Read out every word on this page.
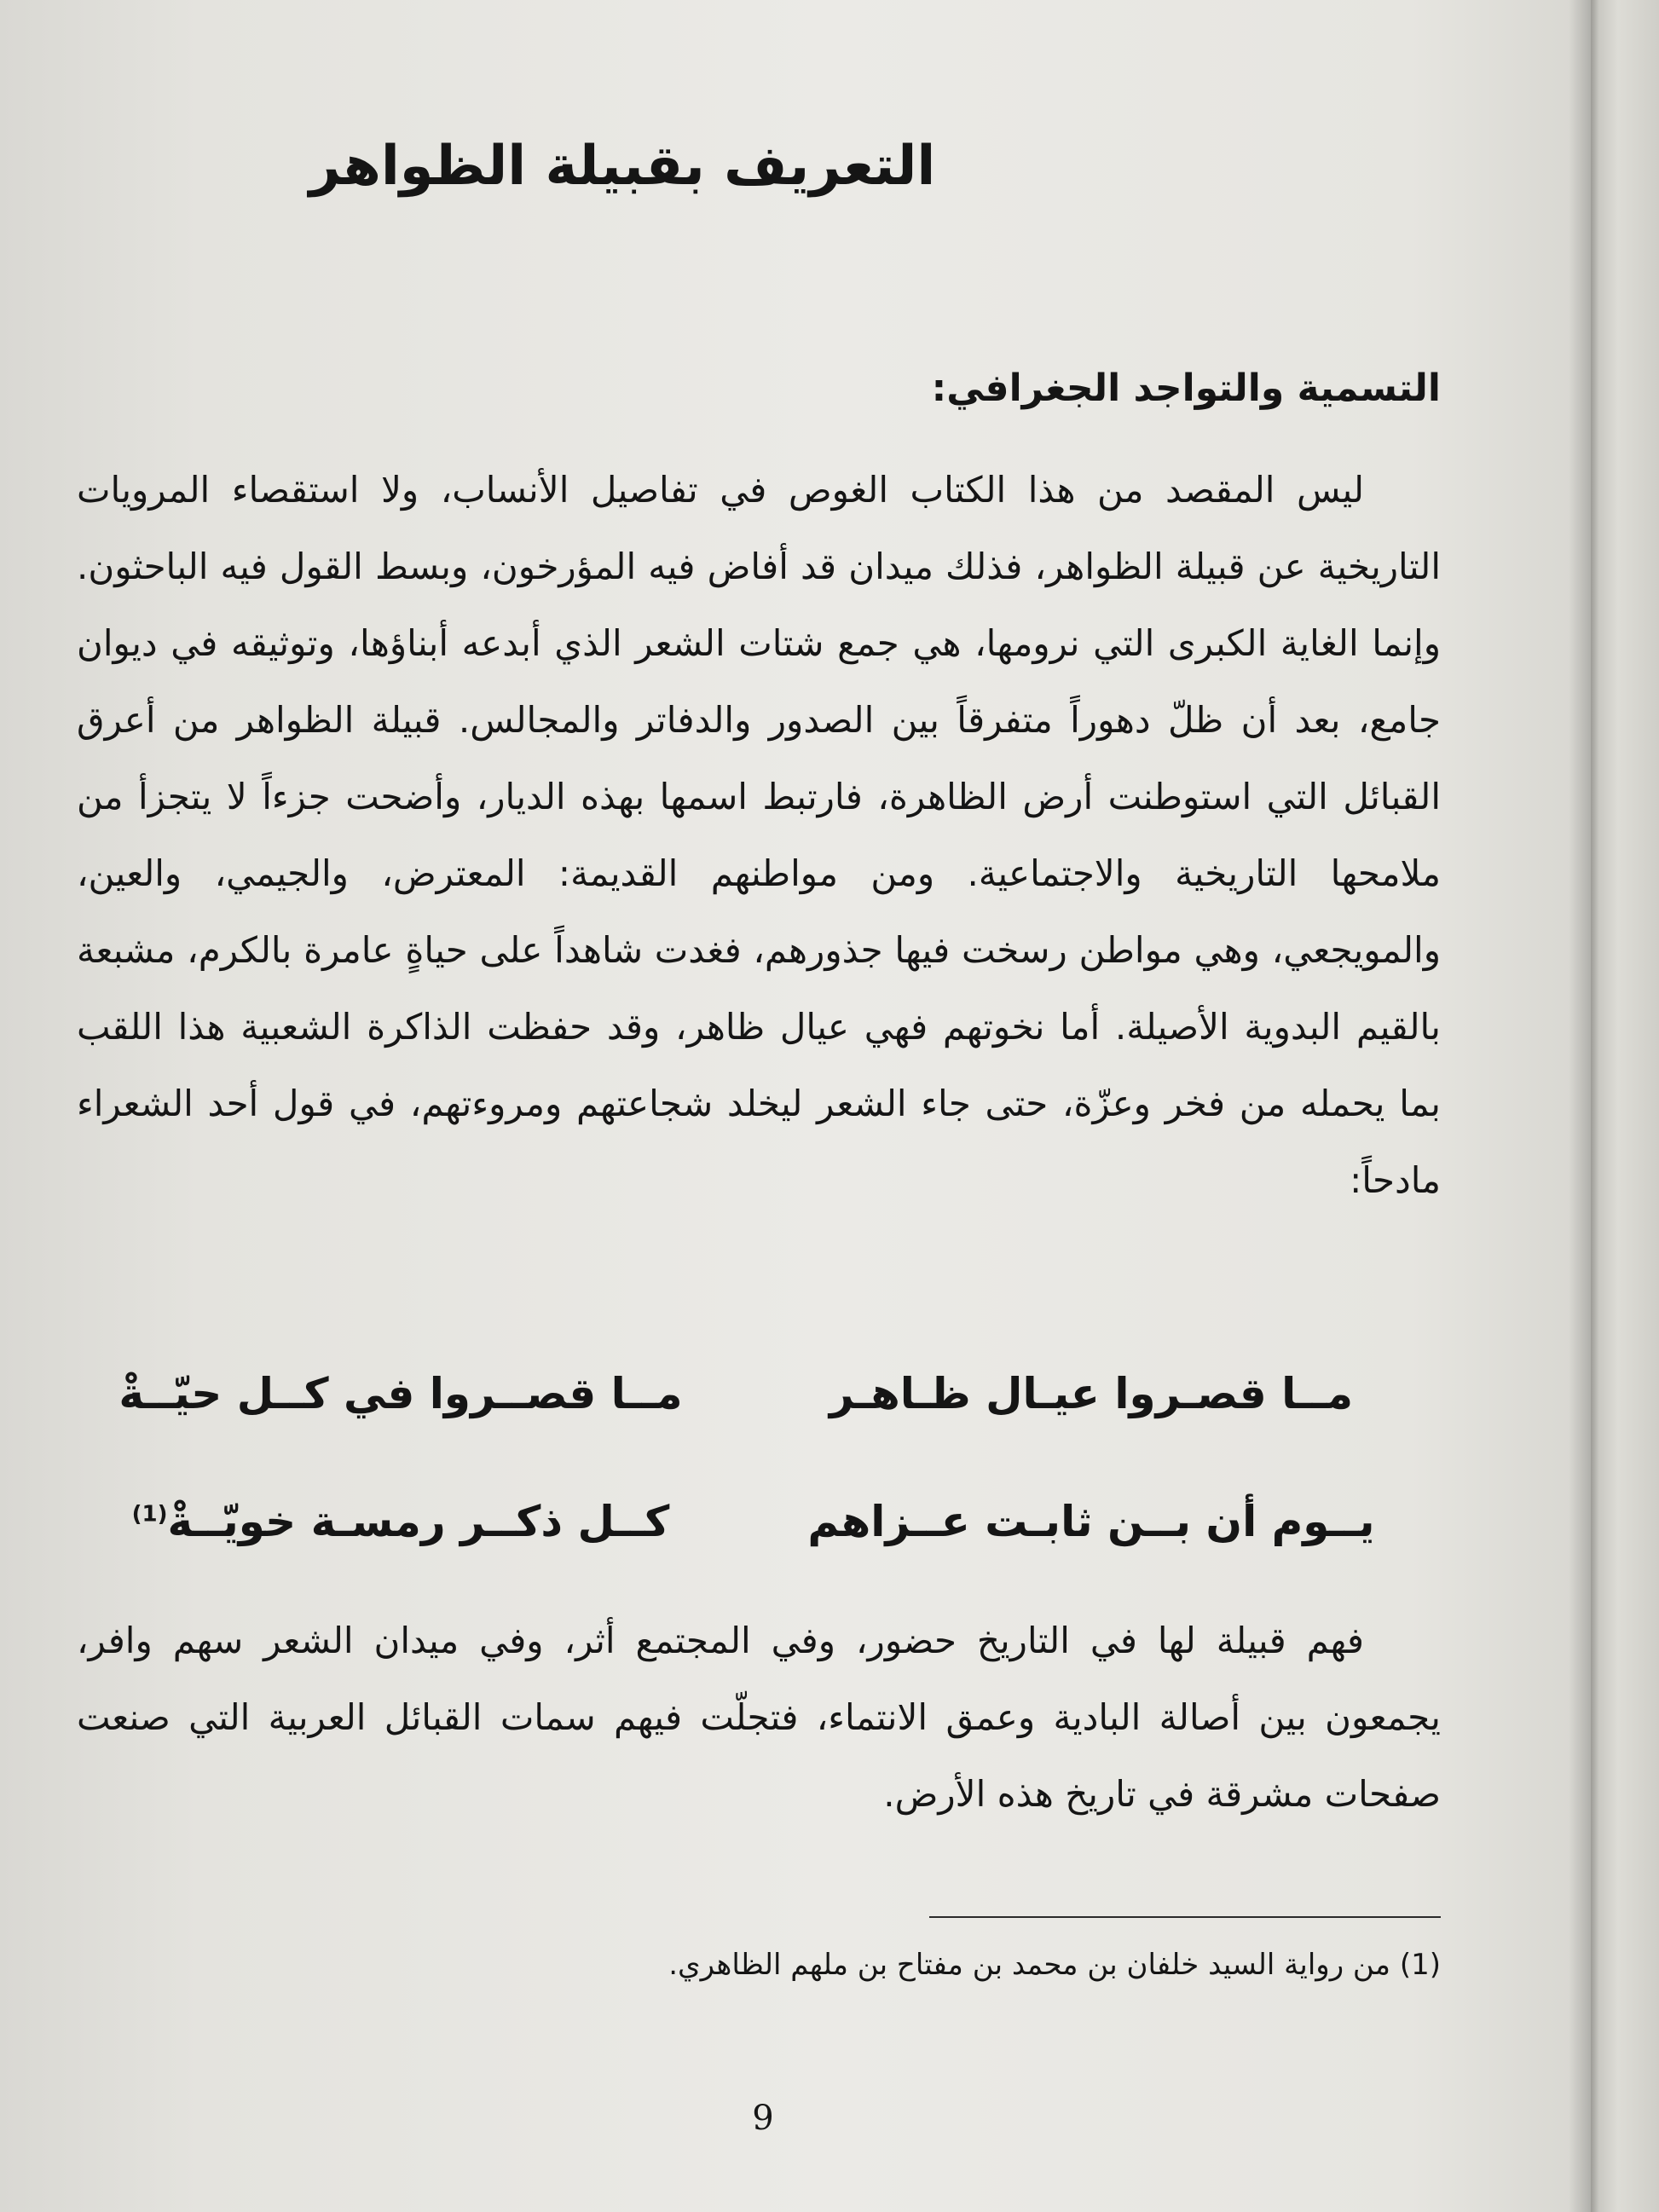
التعريف بقبيلة الظواهر
التسمية والتواجد الجغرافي:

ليس المقصد من هذا الكتاب الغوص في تفاصيل الأنساب، ولا استقصاء المرويات التاريخية عن قبيلة الظواهر، فذلك ميدان قد أفاض فيه المؤرخون، وبسط القول فيه الباحثون. وإنما الغاية الكبرى التي نرومها، هي جمع شتات الشعر الذي أبدعه أبناؤها، وتوثيقه في ديوان جامع، بعد أن ظلّ دهوراً متفرقاً بين الصدور والدفاتر والمجالس. قبيلة الظواهر من أعرق القبائل التي استوطنت أرض الظاهرة، فارتبط اسمها بهذه الديار، وأضحت جزءاً لا يتجزأ من ملامحها التاريخية والاجتماعية. ومن مواطنهم القديمة: المعترض، والجيمي، والعين، والمويجعي، وهي مواطن رسخت فيها جذورهم، فغدت شاهداً على حياةٍ عامرة بالكرم، مشبعة بالقيم البدوية الأصيلة. أما نخوتهم فهي عيال ظاهر، وقد حفظت الذاكرة الشعبية هذا اللقب بما يحمله من فخر وعزّة، حتى جاء الشعر ليخلد شجاعتهم ومروءتهم، في قول أحد الشعراء مادحاً:

مــا قصـروا عيـال ظـاهـر
مــا قصــروا في كــل حيّــةْ
يــوم أن بــن ثابـت عــزاهم
كــل ذكــر رمسـة خويّــةْ$^{(1)}$

فهم قبيلة لها في التاريخ حضور، وفي المجتمع أثر، وفي ميدان الشعر سهم وافر، يجمعون بين أصالة البادية وعمق الانتماء، فتجلّت فيهم سمات القبائل العربية التي صنعت صفحات مشرقة في تاريخ هذه الأرض.

(1) من رواية السيد خلفان بن محمد بن مفتاح بن ملهم الظاهري.

9
